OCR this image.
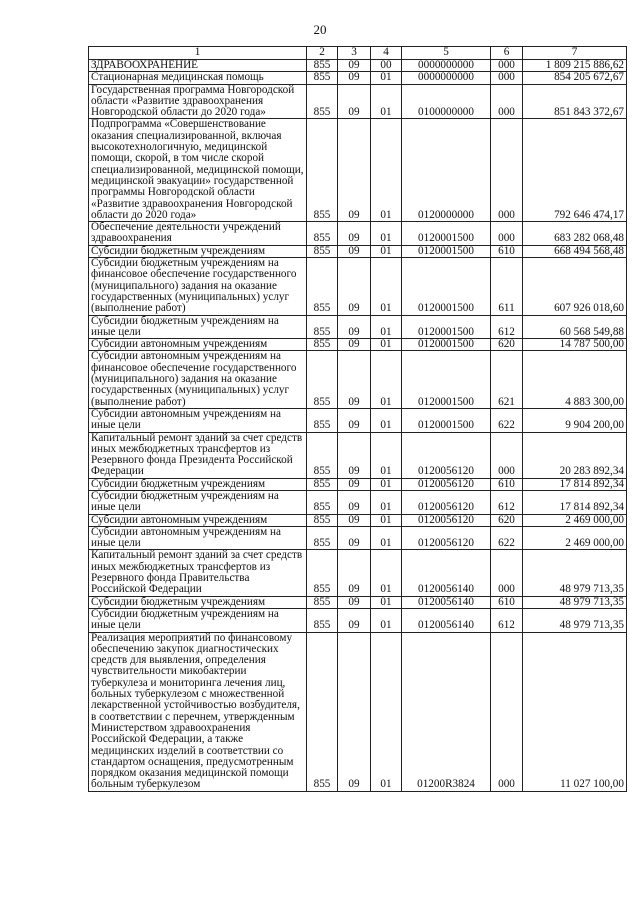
20
1	2	3	4	5	6	7
ЗДРАВООХРАНЕНИЕ	855	09	00	0000000000	000	1 809 215 886,62
Стационарная медицинская помощь	855	09	01	0000000000	000	854 205 672,67
Государственная программа Новгородской области «Развитие здравоохранения Новгородской области до 2020 года»	855	09	01	0100000000	000	851 843 372,67
Подпрограмма «Совершенствование оказания специализированной, включая высокотехнологичную, медицинской помощи, скорой, в том числе скорой специализированной, медицинской помощи, медицинской эвакуации» государственной программы Новгородской области «Развитие здравоохранения Новгородской области до 2020 года»	855	09	01	0120000000	000	792 646 474,17
Обеспечение деятельности учреждений здравоохранения	855	09	01	0120001500	000	683 282 068,48
Субсидии бюджетным учреждениям	855	09	01	0120001500	610	668 494 568,48
Субсидии бюджетным учреждениям на финансовое обеспечение государственного (муниципального) задания на оказание государственных (муниципальных) услуг (выполнение работ)	855	09	01	0120001500	611	607 926 018,60
Субсидии бюджетным учреждениям на иные цели	855	09	01	0120001500	612	60 568 549,88
Субсидии автономным учреждениям	855	09	01	0120001500	620	14 787 500,00
Субсидии автономным учреждениям на финансовое обеспечение государственного (муниципального) задания на оказание государственных (муниципальных) услуг (выполнение работ)	855	09	01	0120001500	621	4 883 300,00
Субсидии автономным учреждениям на иные цели	855	09	01	0120001500	622	9 904 200,00
Капитальный ремонт зданий за счет средств иных межбюджетных трансфертов из Резервного фонда Президента Российской Федерации	855	09	01	0120056120	000	20 283 892,34
Субсидии бюджетным учреждениям	855	09	01	0120056120	610	17 814 892,34
Субсидии бюджетным учреждениям на иные цели	855	09	01	0120056120	612	17 814 892,34
Субсидии автономным учреждениям	855	09	01	0120056120	620	2 469 000,00
Субсидии автономным учреждениям на иные цели	855	09	01	0120056120	622	2 469 000,00
Капитальный ремонт зданий за счет средств иных межбюджетных трансфертов из Резервного фонда Правительства Российской Федерации	855	09	01	0120056140	000	48 979 713,35
Субсидии бюджетным учреждениям	855	09	01	0120056140	610	48 979 713,35
Субсидии бюджетным учреждениям на иные цели	855	09	01	0120056140	612	48 979 713,35
Реализация мероприятий по финансовому обеспечению закупок диагностических средств для выявления, определения чувствительности микобактерии туберкулеза и мониторинга лечения лиц, больных туберкулезом с множественной лекарственной устойчивостью возбудителя, в соответствии с перечнем, утвержденным Министерством здравоохранения Российской Федерации, а также медицинских изделий в соответствии со стандартом оснащения, предусмотренным порядком оказания медицинской помощи больным туберкулезом	855	09	01	01200R3824	000	11 027 100,00
